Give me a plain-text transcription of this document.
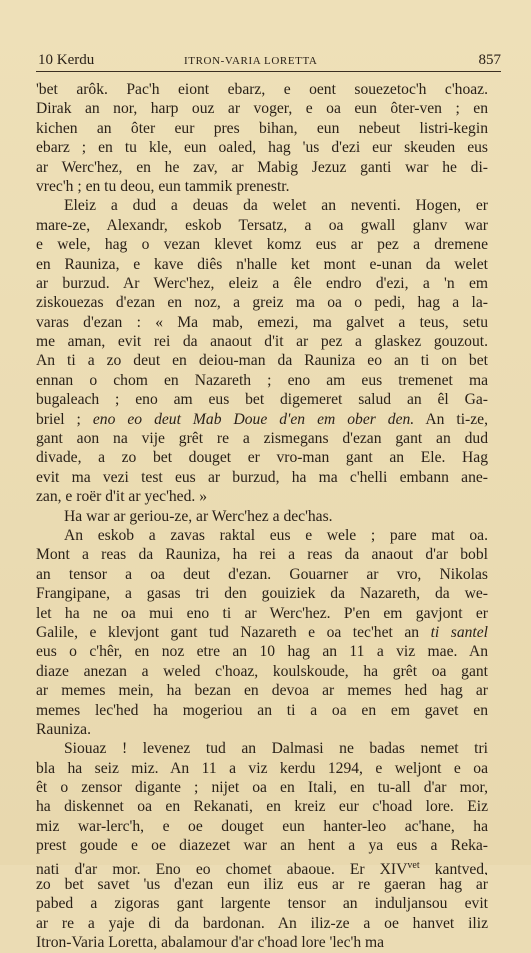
10 Kerdu	ITRON-VARIA LORETTA	857
'bet arôk. Pac'h eiont ebarz, e oent souezetoc'h c'hoaz.
Dirak an nor, harp ouz ar voger, e oa eun ôter-ven ; en
kichen an ôter eur pres bihan, eun nebeut listri-kegin
ebarz ; en tu kle, eun oaled, hag 'us d'ezi eur skeuden eus
ar Werc'hez, en he zav, ar Mabig Jezuz ganti war he di-
vrec'h ; en tu deou, eun tammik prenestr.
Eleiz a dud a deuas da welet an neventi. Hogen, er
mare-ze, Alexandr, eskob Tersatz, a oa gwall glanv war
e wele, hag o vezan klevet komz eus ar pez a dremene
en Rauniza, e kave diês n'halle ket mont e-unan da welet
ar burzud. Ar Werc'hez, eleiz a êle endro d'ezi, a 'n em
ziskouezas d'ezan en noz, a greiz ma oa o pedi, hag a la-
varas d'ezan : « Ma mab, emezi, ma galvet a teus, setu
me aman, evit rei da anaout d'it ar pez a glaskez gouzout.
An ti a zo deut en deiou-man da Rauniza eo an ti on bet
ennan o chom en Nazareth ; eno am eus tremenet ma
bugaleach ; eno am eus bet digemeret salud an êl Ga-
briel ; eno eo deut Mab Doue d'en em ober den. An ti-ze,
gant aon na vije grêt re a zismegans d'ezan gant an dud
divade, a zo bet douget er vro-man gant an Ele. Hag
evit ma vezi test eus ar burzud, ha ma c'helli embann ane-
zan, e roër d'it ar yec'hed. »
Ha war ar geriou-ze, ar Werc'hez a dec'has.
An eskob a zavas raktal eus e wele ; pare mat oa.
Mont a reas da Rauniza, ha rei a reas da anaout d'ar bobl
an tensor a oa deut d'ezan. Gouarner ar vro, Nikolas
Frangipane, a gasas tri den gouiziek da Nazareth, da we-
let ha ne oa mui eno ti ar Werc'hez. P'en em gavjont er
Galile, e klevjont gant tud Nazareth e oa tec'het an ti santel
eus o c'hêr, en noz etre an 10 hag an 11 a viz mae. An
diaze anezan a weled c'hoaz, koulskoude, ha grêt oa gant
ar memes mein, ha bezan en devoa ar memes hed hag ar
memes lec'hed ha mogeriou an ti a oa en em gavet en
Rauniza.
Siouaz ! levenez tud an Dalmasi ne badas nemet tri
bla ha seiz miz. An 11 a viz kerdu 1294, e weljont e oa
êt o zensor digante ; nijet oa en Itali, en tu-all d'ar mor,
ha diskennet oa en Rekanati, en kreiz eur c'hoad lore. Eiz
miz war-lerc'h, e oe douget eun hanter-leo ac'hane, ha
prest goude e oe diazezet war an hent a ya eus a Reka-
nati d'ar mor. Eno eo chomet abaoue. Er $XIV^{vet}$ kantved,
zo bet savet 'us d'ezan eun iliz eus ar re gaeran hag ar
pabed a zigoras gant largente tensor an induljansou evit
ar re a yaje di da bardonan. An iliz-ze a oe hanvet iliz
Itron-Varia Loretta, abalamour d'ar c'hoad lore 'lec'h ma
